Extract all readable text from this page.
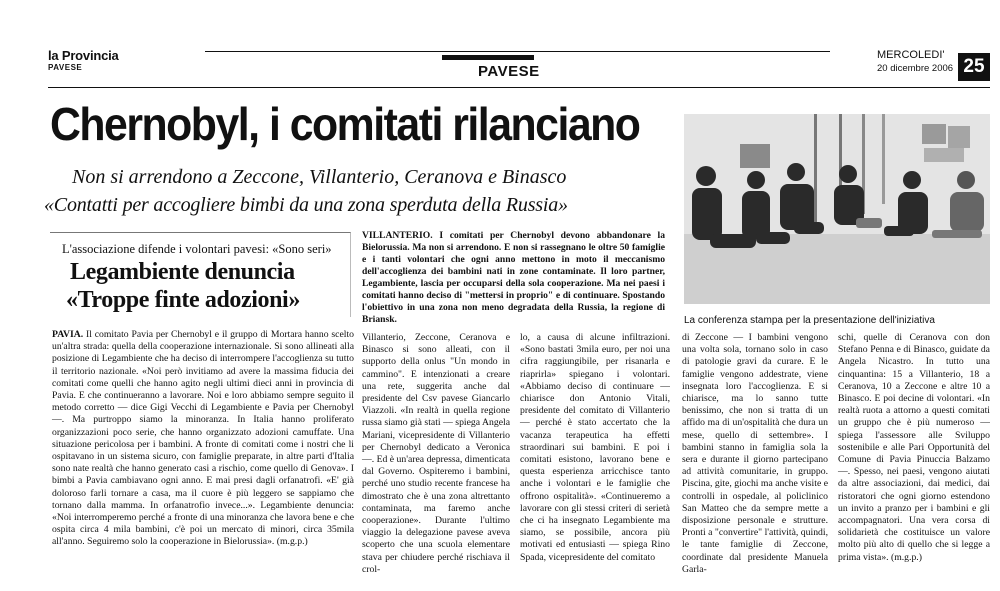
la Provincia
PAVESE	PAVESE
MERCOLEDI'
20 dicembre 2006 25
Chernobyl, i comitati rilanciano
Non si arrendono a Zeccone, Villanterio, Ceranova e Binasco
«Contatti per accogliere bimbi da una zona sperduta della Russia»
L'associazione difende i volontari pavesi: «Sono seri»
Legambiente denuncia
«Troppe finte adozioni»
VILLANTERIO. I comitati per Chernobyl devono abbandonare la Bielorussia. Ma non si arrendono. E non si rassegnano le oltre 50 famiglie e i tanti volontari che ogni anno mettono in moto il meccanismo dell'accoglienza dei bambini nati in zone contaminate. Il loro partner, Legambiente, lascia per occuparsi della sola cooperazione. Ma nei paesi i comitati hanno deciso di "mettersi in proprio" e di continuare. Spostando l'obiettivo in una zona non meno degradata della Russia, la regione di Briansk.
PAVIA. Il comitato Pavia per Chernobyl e il gruppo di Mortara hanno scelto un'altra strada: quella della cooperazione internazionale. Si sono allineati alla posizione di Legambiente che ha deciso di interrompere l'accoglienza su tutto il territorio nazionale. «Noi però invitiamo ad avere la massima fiducia dei comitati come quelli che hanno agito negli ultimi dieci anni in provincia di Pavia. E che continueranno a lavorare. Noi e loro abbiamo sempre seguito il metodo corretto — dice Gigi Vecchi di Legambiente e Pavia per Chernobyl —. Ma purtroppo siamo la minoranza. In Italia hanno proliferato organizzazioni poco serie, che hanno organizzato adozioni camuffate. Una situazione pericolosa per i bambini. A fronte di comitati come i nostri che li ospitavano in un sistema sicuro, con famiglie preparate, in altre parti d'Italia sono nate realtà che hanno generato casi a rischio, come quello di Genova». I bimbi a Pavia cambiavano ogni anno. E mai presi dagli orfanatrofi. «E' già doloroso farli tornare a casa, ma il cuore è più leggero se sappiamo che tornano dalla mamma. In orfanatrofio invece...». Legambiente denuncia: «Noi interromperemo perché a fronte di una minoranza che lavora bene e che ospita circa 4 mila bambini, c'è poi un mercato di minori, circa 35mila all'anno. Seguiremo solo la cooperazione in Bielorussia». (m.g.p.)
Villanterio, Zeccone, Ceranova e Binasco si sono alleati, con il supporto della onlus "Un mondo in cammino". E intenzionati a creare una rete, suggerita anche dal presidente del Csv pavese Giancarlo Viazzoli. «In realtà in quella regione russa siamo già stati — spiega Angela Mariani, vicepresidente di Villanterio per Chernobyl dedicato a Veronica —. Ed è un'area depressa, dimenticata dal Governo. Ospiteremo i bambini, perché uno studio recente francese ha dimostrato che è una zona altrettanto contaminata, ma faremo anche cooperazione». Durante l'ultimo viaggio la delegazione pavese aveva scoperto che una scuola elementare stava per chiudere perché rischiava il crol-
lo, a causa di alcune infiltrazioni. «Sono bastati 3mila euro, per noi una cifra raggiungibile, per risanarla e riaprirla» spiegano i volontari. «Abbiamo deciso di continuare — chiarisce don Antonio Vitali, presidente del comitato di Villanterio — perché è stato accertato che la vacanza terapeutica ha effetti straordinari sui bambini. E poi i comitati esistono, lavorano bene e questa esperienza arricchisce tanto anche i volontari e le famiglie che offrono ospitalità». «Continueremo a lavorare con gli stessi criteri di serietà che ci ha insegnato Legambiente ma siamo, se possibile, ancora più motivati ed entusiasti — spiega Rino Spada, vicepresidente del comitato
di Zeccone — I bambini vengono una volta sola, tornano solo in caso di patologie gravi da curare. E le famiglie vengono addestrate, viene insegnata loro l'accoglienza. E si chiarisce, ma lo sanno tutte benissimo, che non si tratta di un affido ma di un'ospitalità che dura un mese, quello di settembre». I bambini stanno in famiglia sola la sera e durante il giorno partecipano ad attività comunitarie, in gruppo. Piscina, gite, giochi ma anche visite e controlli in ospedale, al policlinico San Matteo che da sempre mette a disposizione personale e strutture. Pronti a "convertire" l'attività, quindi, le tante famiglie di Zeccone, coordinate dal presidente Manuela Garla-
schi, quelle di Ceranova con don Stefano Penna e di Binasco, guidate da Angela Nicastro. In tutto una cinquantina: 15 a Villanterio, 18 a Ceranova, 10 a Zeccone e altre 10 a Binasco. E poi decine di volontari. «In realtà ruota a attorno a questi comitati un gruppo che è più numeroso — spiega l'assessore alle Sviluppo sostenibile e alle Pari Opportunità del Comune di Pavia Pinuccia Balzamo —. Spesso, nei paesi, vengono aiutati da altre associazioni, dai medici, dai ristoratori che ogni giorno estendono un invito a pranzo per i bambini e gli accompagnatori. Una vera corsa di solidarietà che costituisce un valore molto più alto di quello che si legge a prima vista». (m.g.p.)
La conferenza stampa per la presentazione dell'iniziativa
